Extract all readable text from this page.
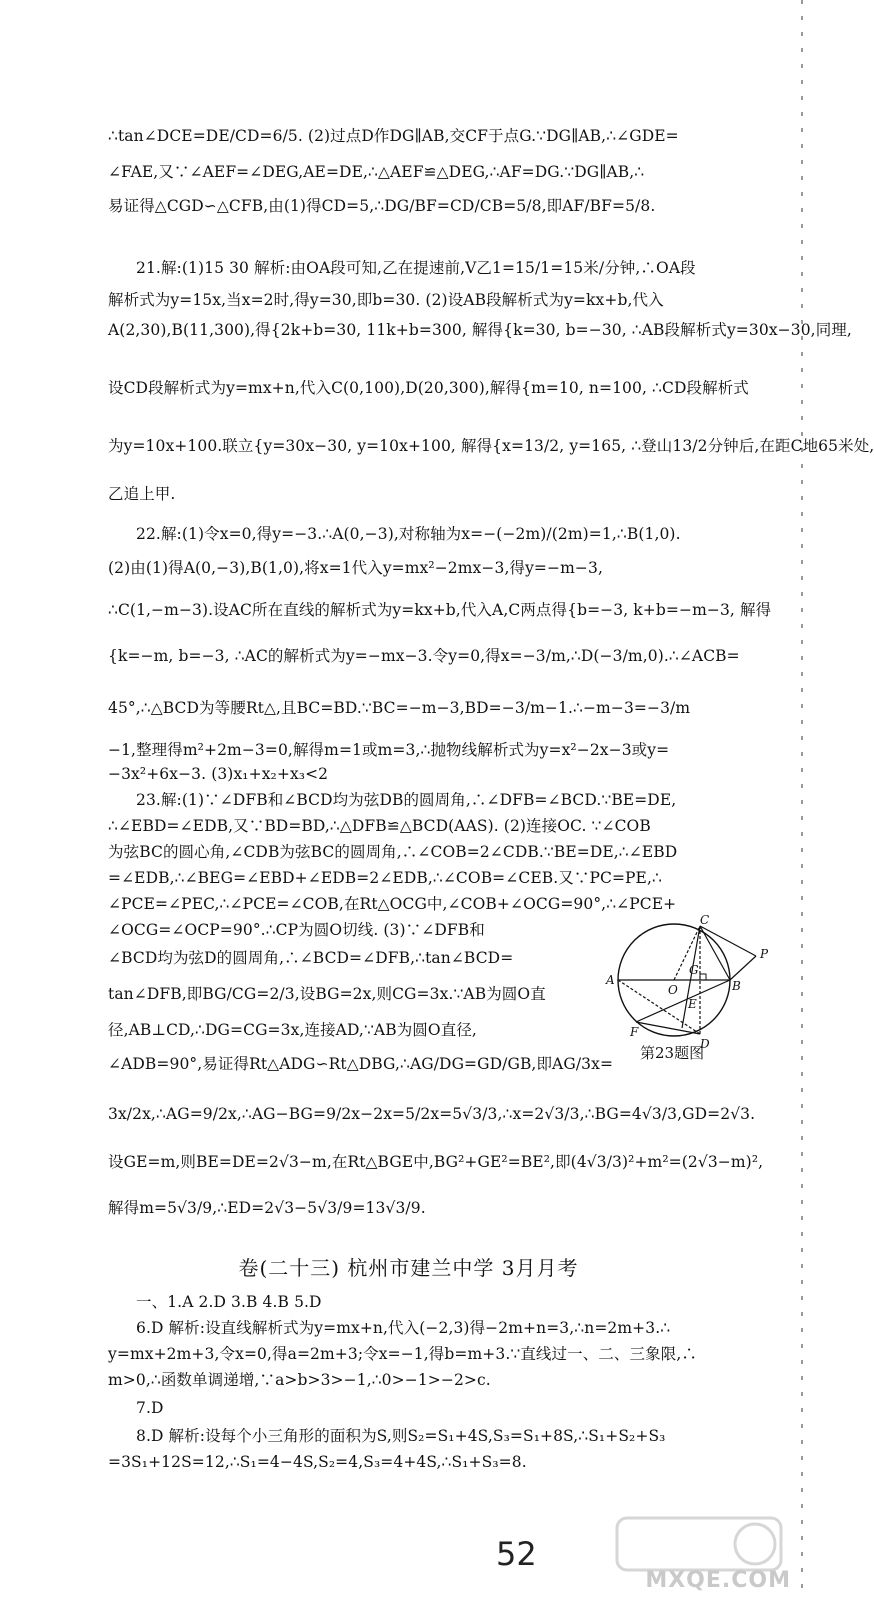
∴tan∠DCE=DE/CD=6/5. (2)过点D作DG∥AB,交CF于点G.∵DG∥AB,∴∠GDE=
∠FAE,又∵∠AEF=∠DEG,AE=DE,∴△AEF≌△DEG,∴AF=DG.∵DG∥AB,∴
易证得△CGD∽△CFB,由(1)得CD=5,∴DG/BF=CD/CB=5/8,即AF/BF=5/8.
21.解:(1)15 30 解析:由OA段可知,乙在提速前,V乙1=15/1=15米/分钟,∴OA段
解析式为y=15x,当x=2时,得y=30,即b=30. (2)设AB段解析式为y=kx+b,代入
A(2,30),B(11,300),得{2k+b=30, 11k+b=300, 解得{k=30, b=−30, ∴AB段解析式y=30x−30,同理,
设CD段解析式为y=mx+n,代入C(0,100),D(20,300),解得{m=10, n=100, ∴CD段解析式
为y=10x+100.联立{y=30x−30, y=10x+100, 解得{x=13/2, y=165, ∴登山13/2分钟后,在距C地65米处,
乙追上甲.
22.解:(1)令x=0,得y=−3.∴A(0,−3),对称轴为x=−(−2m)/(2m)=1,∴B(1,0).
(2)由(1)得A(0,−3),B(1,0),将x=1代入y=mx²−2mx−3,得y=−m−3,
∴C(1,−m−3).设AC所在直线的解析式为y=kx+b,代入A,C两点得{b=−3, k+b=−m−3, 解得
{k=−m, b=−3, ∴AC的解析式为y=−mx−3.令y=0,得x=−3/m,∴D(−3/m,0).∴∠ACB=
45°,∴△BCD为等腰Rt△,且BC=BD.∵BC=−m−3,BD=−3/m−1.∴−m−3=−3/m
−1,整理得m²+2m−3=0,解得m=1或m=3,∴抛物线解析式为y=x²−2x−3或y=
−3x²+6x−3. (3)x₁+x₂+x₃<2
23.解:(1)∵∠DFB和∠BCD均为弦DB的圆周角,∴∠DFB=∠BCD.∵BE=DE,
∴∠EBD=∠EDB,又∵BD=BD,∴△DFB≌△BCD(AAS). (2)连接OC. ∵∠COB
为弦BC的圆心角,∠CDB为弦BC的圆周角,∴∠COB=2∠CDB.∵BE=DE,∴∠EBD
=∠EDB,∴∠BEG=∠EBD+∠EDB=2∠EDB,∴∠COB=∠CEB.又∵PC=PE,∴
∠PCE=∠PEC,∴∠PCE=∠COB,在Rt△OCG中,∠COB+∠OCG=90°,∴∠PCE+
∠OCG=∠OCP=90°.∴CP为圆O切线. (3)∵∠DFB和
∠BCD均为弦D的圆周角,∴∠BCD=∠DFB,∴tan∠BCD=
tan∠DFB,即BG/CG=2/3,设BG=2x,则CG=3x.∵AB为圆O直
径,AB⊥CD,∴DG=CG=3x,连接AD,∵AB为圆O直径,
∠ADB=90°,易证得Rt△ADG∽Rt△DBG,∴AG/DG=GD/GB,即AG/3x=
3x/2x,∴AG=9/2x,∴AG−BG=9/2x−2x=5/2x=5√3/3,∴x=2√3/3,∴BG=4√3/3,GD=2√3.
设GE=m,则BE=DE=2√3−m,在Rt△BGE中,BG²+GE²=BE²,即(4√3/3)²+m²=(2√3−m)²,
解得m=5√3/9,∴ED=2√3−5√3/9=13√3/9.
卷(二十三) 杭州市建兰中学 3月月考
一、1.A 2.D 3.B 4.B 5.D
6.D 解析:设直线解析式为y=mx+n,代入(−2,3)得−2m+n=3,∴n=2m+3.∴
y=mx+2m+3,令x=0,得a=2m+3;令x=−1,得b=m+3.∵直线过一、二、三象限,∴
m>0,∴函数单调递增,∵a>b>3>−1,∴0>−1>−2>c.
7.D
8.D 解析:设每个小三角形的面积为S,则S₂=S₁+4S,S₃=S₁+8S,∴S₁+S₂+S₃
=3S₁+12S=12,∴S₁=4−4S,S₂=4,S₃=4+4S,∴S₁+S₃=8.
A	B
C
D
E
F
G
O
P
第23题图
52
MXQE.COM
